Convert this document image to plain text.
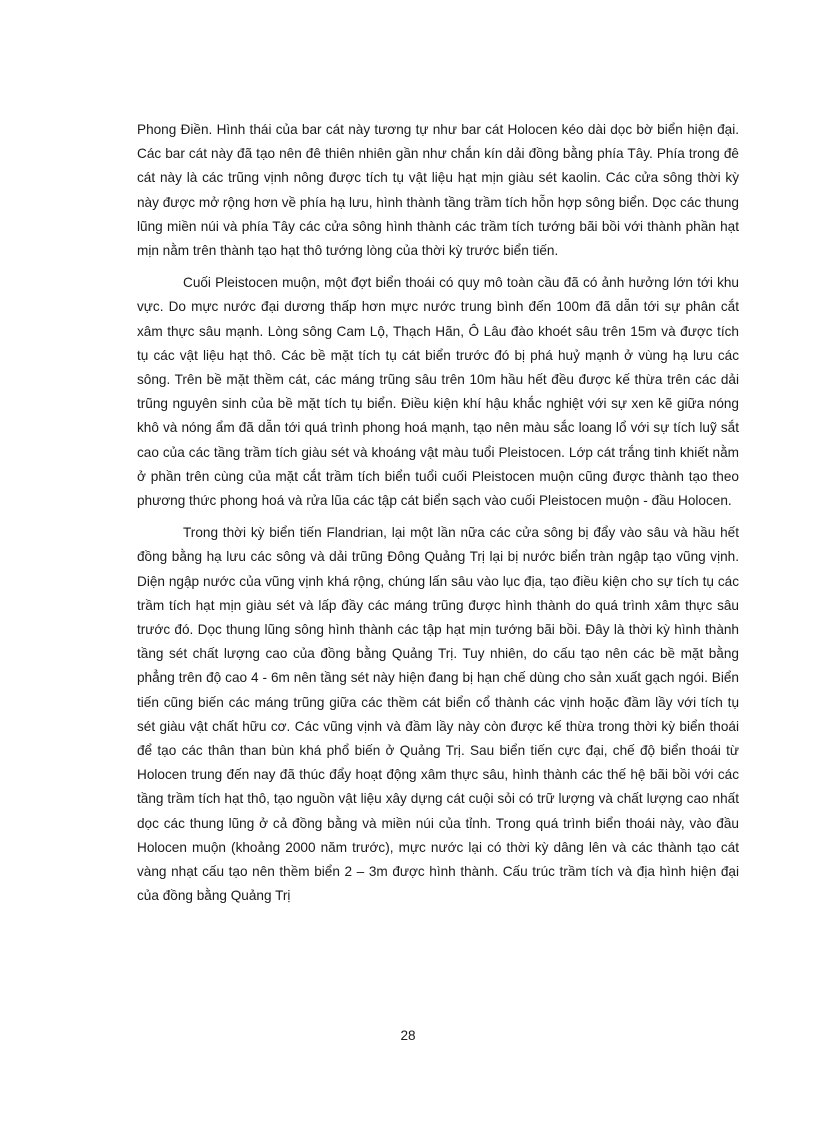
Phong Điền. Hình thái của bar cát này tương tự như bar cát Holocen kéo dài dọc bờ biển hiện đại. Các bar cát này đã tạo nên đê thiên nhiên gần như chắn kín dải đồng bằng phía Tây. Phía trong đê cát này là các trũng vịnh nông được tích tụ vật liệu hạt mịn giàu sét kaolin. Các cửa sông thời kỳ này được mở rộng hơn về phía hạ lưu, hình thành tầng trầm tích hỗn hợp sông biển. Dọc các thung lũng miền núi và phía Tây các cửa sông hình thành các trầm tích tướng bãi bồi với thành phần hạt mịn nằm trên thành tạo hạt thô tướng lòng của thời kỳ trước biển tiến.

Cuối Pleistocen muộn, một đợt biển thoái có quy mô toàn cầu đã có ảnh hưởng lớn tới khu vực. Do mực nước đại dương thấp hơn mực nước trung bình đến 100m đã dẫn tới sự phân cắt xâm thực sâu mạnh. Lòng sông Cam Lộ, Thạch Hãn, Ô Lâu đào khoét sâu trên 15m và được tích tụ các vật liệu hạt thô. Các bề mặt tích tụ cát biển trước đó bị phá huỷ mạnh ở vùng hạ lưu các sông. Trên bề mặt thềm cát, các máng trũng sâu trên 10m hầu hết đều được kế thừa trên các dải trũng nguyên sinh của bề mặt tích tụ biển. Điều kiện khí hậu khắc nghiệt với sự xen kẽ giữa nóng khô và nóng ẩm đã dẫn tới quá trình phong hoá mạnh, tạo nên màu sắc loang lổ với sự tích luỹ sắt cao của các tầng trầm tích giàu sét và khoáng vật màu tuổi Pleistocen. Lớp cát trắng tinh khiết nằm ở phần trên cùng của mặt cắt trầm tích biển tuổi cuối Pleistocen muộn cũng được thành tạo theo phương thức phong hoá và rửa lũa các tập cát biển sạch vào cuối Pleistocen muộn - đầu Holocen.

Trong thời kỳ biển tiến Flandrian, lại một lần nữa các cửa sông bị đẩy vào sâu và hầu hết đồng bằng hạ lưu các sông và dải trũng Đông Quảng Trị lại bị nước biển tràn ngập tạo vũng vịnh. Diện ngập nước của vũng vịnh khá rộng, chúng lấn sâu vào lục địa, tạo điều kiện cho sự tích tụ các trầm tích hạt mịn giàu sét và lấp đầy các máng trũng được hình thành do quá trình xâm thực sâu trước đó. Dọc thung lũng sông hình thành các tập hạt mịn tướng bãi bồi. Đây là thời kỳ hình thành tầng sét chất lượng cao của đồng bằng Quảng Trị. Tuy nhiên, do cấu tạo nên các bề mặt bằng phẳng trên độ cao 4 - 6m nên tầng sét này hiện đang bị hạn chế dùng cho sản xuất gạch ngói. Biển tiến cũng biến các máng trũng giữa các thềm cát biển cổ thành các vịnh hoặc đầm lầy với tích tụ sét giàu vật chất hữu cơ. Các vũng vịnh và đầm lầy này còn được kế thừa trong thời kỳ biển thoái để tạo các thân than bùn khá phổ biến ở Quảng Trị. Sau biển tiến cực đại, chế độ biển thoái từ Holocen trung đến nay đã thúc đẩy hoạt động xâm thực sâu, hình thành các thế hệ bãi bồi với các tầng trầm tích hạt thô, tạo nguồn vật liệu xây dựng cát cuội sỏi có trữ lượng và chất lượng cao nhất dọc các thung lũng ở cả đồng bằng và miền núi của tỉnh. Trong quá trình biển thoái này, vào đầu Holocen muộn (khoảng 2000 năm trước), mực nước lại có thời kỳ dâng lên và các thành tạo cát vàng nhạt cấu tạo nên thềm biển 2 – 3m được hình thành. Cấu trúc trầm tích và địa hình hiện đại của đồng bằng Quảng Trị

28
